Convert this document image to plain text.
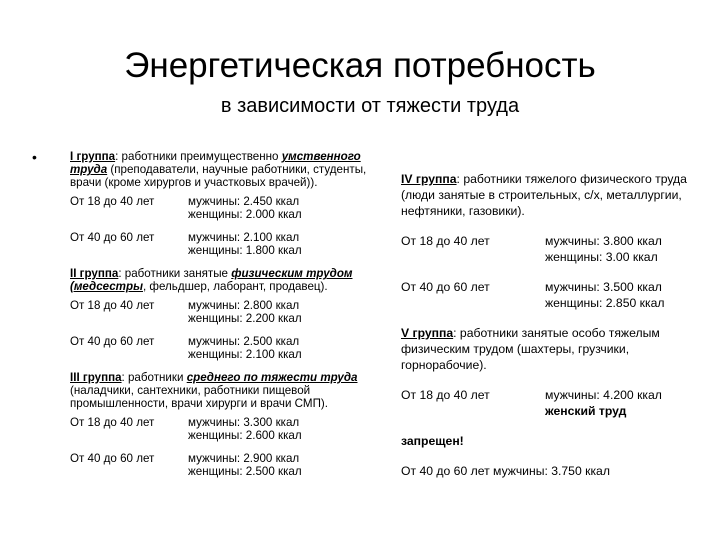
Энергетическая потребность
в зависимости от тяжести труда
•	I группа: работники преимущественно умственного труда (преподаватели, научные работники, студенты, врачи (кроме хирургов и участковых врачей)).
От 18 до 40 лет	мужчины: 2.450 ккал
женщины: 2.000 ккал
От 40 до 60 лет	мужчины: 2.100 ккал
женщины: 1.800 ккал
II группа: работники занятые физическим трудом (медсестры, фельдшер, лаборант, продавец).
От 18 до 40 лет	мужчины: 2.800 ккал
женщины: 2.200 ккал
От 40 до 60 лет	мужчины: 2.500 ккал
женщины: 2.100 ккал
III группа: работники среднего по тяжести труда (наладчики, сантехники, работники пищевой промышленности, врачи хирурги и врачи СМП).
От 18 до 40 лет	мужчины: 3.300 ккал
женщины: 2.600 ккал
От 40 до 60 лет	мужчины: 2.900 ккал
женщины: 2.500 ккал
IV группа: работники тяжелого физического труда (люди занятые в строительных, с/х, металлургии, нефтяники, газовики).
От 18 до 40 лет	мужчины: 3.800 ккал
женщины: 3.00 ккал
От 40 до 60 лет	мужчины: 3.500 ккал
женщины: 2.850 ккал
V группа: работники занятые особо тяжелым физическим трудом (шахтеры, грузчики, горнорабочие).
От 18 до 40 лет	мужчины: 4.200 ккал
женский труд
запрещен!
От 40 до 60 лет мужчины: 3.750 ккал
